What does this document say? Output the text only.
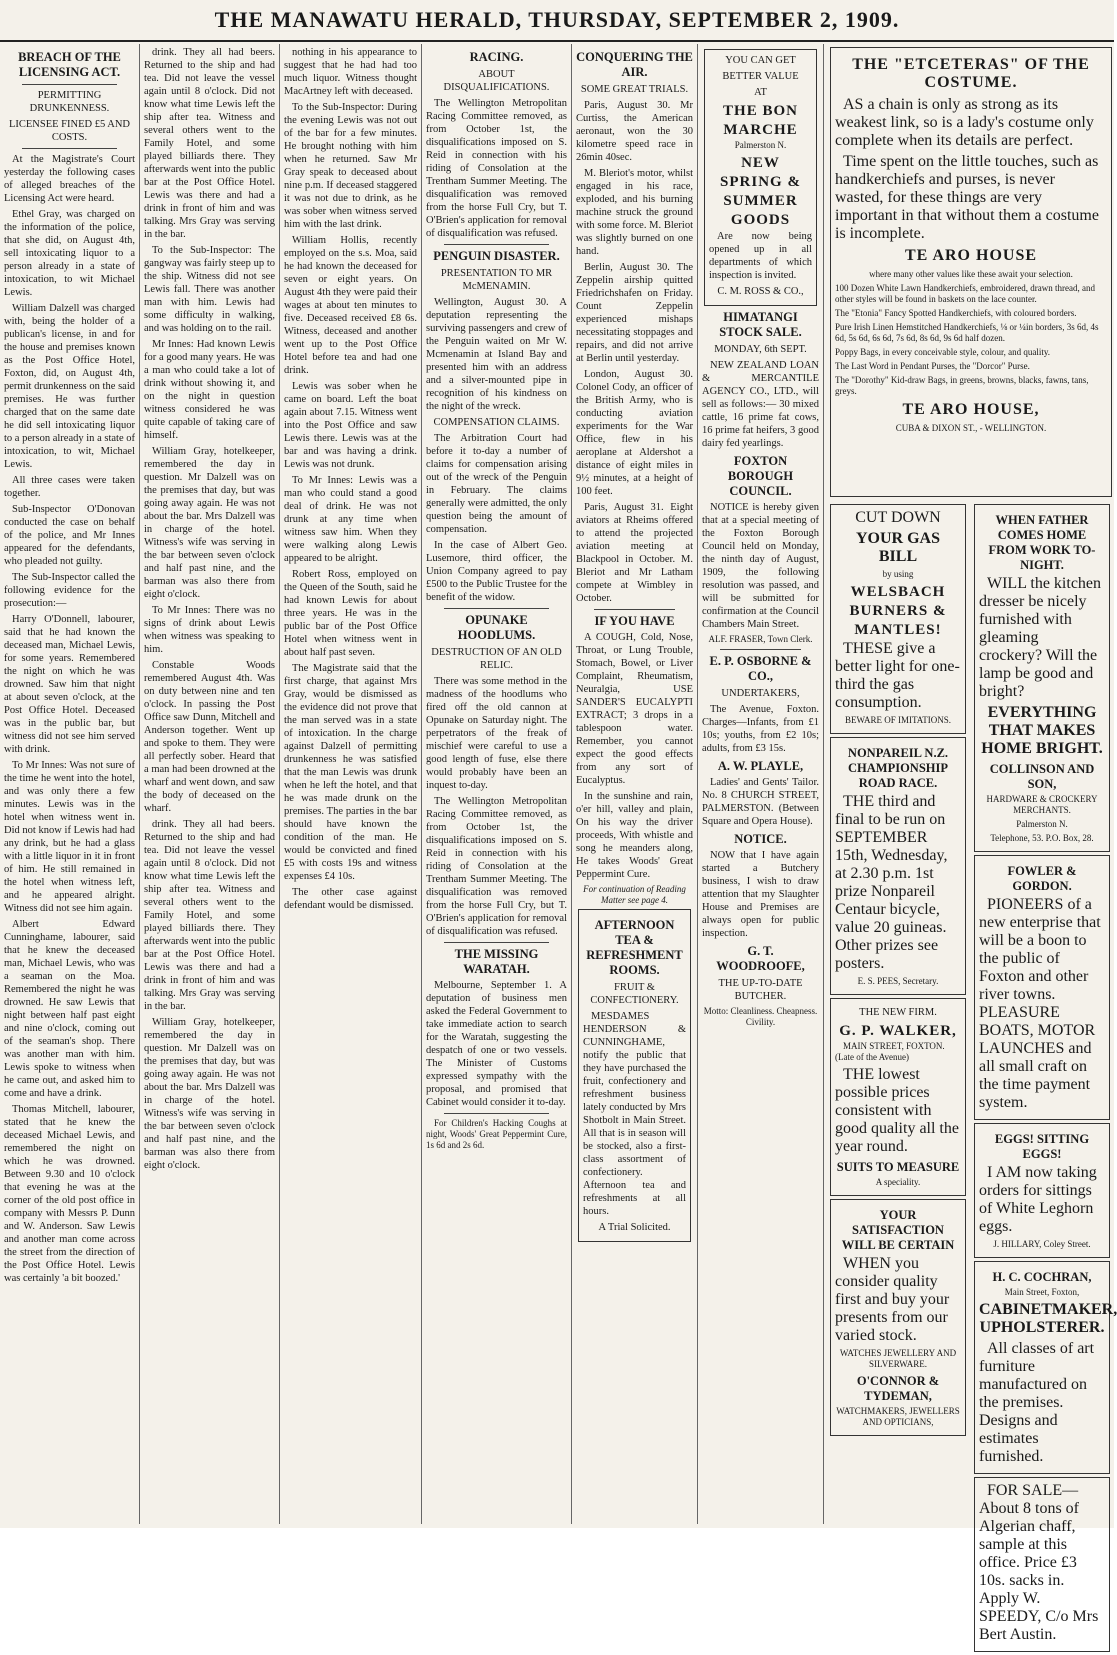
THE MANAWATU HERALD, THURSDAY, SEPTEMBER 2, 1909.
BREACH OF THE LICENSING ACT.
PERMITTING DRUNKENNESS.
LICENSEE FINED £5 AND COSTS.

At the Magistrate's Court yesterday the following cases of alleged breaches of the Licensing Act were heard.

Ethel Gray, was charged on the information of the police, that she did, on August 4th, sell intoxicating liquor to a person already in a state of intoxication, to wit Michael Lewis.

William Dalzell was charged with, being the holder of a publican's license, in and for the house and premises known as the Post Office Hotel, Foxton, did, on August 4th, permit drunkenness on the said premises. He was further charged that on the same date he did sell intoxicating liquor to a person already in a state of intoxication, to wit, Michael Lewis.

All three cases were taken together.

Sub-Inspector O'Donovan conducted the case on behalf of the police, and Mr Innes appeared for the defendants, who pleaded not guilty.

The Sub-Inspector called the following evidence for the prosecution:—

Harry O'Donnell, labourer, said that he had known the deceased man, Michael Lewis, for some years. Remembered the night on which he was drowned. Saw him that night at about seven o'clock, at the Post Office Hotel. Deceased was in the public bar, but witness did not see him served with drink.

To Mr Innes: Was not sure of the time he went into the hotel, and was only there a few minutes. Lewis was in the hotel when witness went in. Did not know if Lewis had had any drink, but he had a glass with a little liquor in it in front of him. He still remained in the hotel when witness left, and he appeared alright. Witness did not see him again.

Albert Edward Cunninghame, labourer, said that he knew the deceased man, Michael Lewis, who was a seaman on the Moa. Remembered the night he was drowned. He saw Lewis that night between half past eight and nine o'clock, coming out of the seaman's shop. There was another man with him. Lewis spoke to witness when he came out, and asked him to come and have a drink.

Thomas Mitchell, labourer, stated that he knew the deceased Michael Lewis, and remembered the night on which he was drowned. Between 9.30 and 10 o'clock that evening he was at the corner of the old post office in company with Messrs P. Dunn and W. Anderson. Saw Lewis and another man come across the street from the direction of the Post Office Hotel. Lewis was certainly 'a bit boozed.'

drink. They all had beers. Returned to the ship and had tea. Did not leave the vessel again until 8 o'clock. Did not know what time Lewis left the ship after tea. Witness and several others went to the Family Hotel, and some played billiards there. They afterwards went into the public bar at the Post Office Hotel. Lewis was there and had a drink in front of him and was talking. Mrs Gray was serving in the bar.

To the Sub-Inspector: The gangway was fairly steep up to the ship. Witness did not see Lewis fall. There was another man with him. Lewis had some difficulty in walking, and was holding on to the rail.

Mr Innes: Had known Lewis for a good many years. He was a man who could take a lot of drink without showing it, and on the night in question witness considered he was quite capable of taking care of himself.

William Gray, hotelkeeper, remembered the day in question. Mr Dalzell was on the premises that day, but was going away again. He was not about the bar. Mrs Dalzell was in charge of the hotel. Witness's wife was serving in the bar between seven o'clock and half past nine, and the barman was also there from eight o'clock.

To Mr Innes: There was no signs of drink about Lewis when witness was speaking to him.

Constable Woods remembered August 4th. Was on duty between nine and ten o'clock. In passing the Post Office saw Dunn, Mitchell and Anderson together. Went up and spoke to them. They were all perfectly sober. Heard that a man had been drowned at the wharf and went down, and saw the body of deceased on the wharf.

drink. They all had beers. Returned to the ship and had tea. Did not leave the vessel again until 8 o'clock. Did not know what time Lewis left the ship after tea. Witness and several others went to the Family Hotel, and some played billiards there. They afterwards went into the public bar at the Post Office Hotel. Lewis was there and had a drink in front of him and was talking. Mrs Gray was serving in the bar.

William Gray, hotelkeeper, remembered the day in question. Mr Dalzell was on the premises that day, but was going away again. He was not about the bar. Mrs Dalzell was in charge of the hotel. Witness's wife was serving in the bar between seven o'clock and half past nine, and the barman was also there from eight o'clock.

nothing in his appearance to suggest that he had had too much liquor. Witness thought MacArtney left with deceased.

To the Sub-Inspector: During the evening Lewis was not out of the bar for a few minutes. He brought nothing with him when he returned. Saw Mr Gray speak to deceased about nine p.m. If deceased staggered it was not due to drink, as he was sober when witness served him with the last drink.

William Hollis, recently employed on the s.s. Moa, said he had known the deceased for seven or eight years. On August 4th they were paid their wages at about ten minutes to five. Deceased received £8 6s. Witness, deceased and another went up to the Post Office Hotel before tea and had one drink.

Lewis was sober when he came on board. Left the boat again about 7.15. Witness went into the Post Office and saw Lewis there. Lewis was at the bar and was having a drink. Lewis was not drunk.

To Mr Innes: Lewis was a man who could stand a good deal of drink. He was not drunk at any time when witness saw him. When they were walking along Lewis appeared to be alright.

Robert Ross, employed on the Queen of the South, said he had known Lewis for about three years. He was in the public bar of the Post Office Hotel when witness went in about half past seven.

The Magistrate said that the first charge, that against Mrs Gray, would be dismissed as the evidence did not prove that the man served was in a state of intoxication. In the charge against Dalzell of permitting drunkenness he was satisfied that the man Lewis was drunk when he left the hotel, and that he was made drunk on the premises. The parties in the bar should have known the condition of the man. He would be convicted and fined £5 with costs 19s and witness expenses £4 10s.

The other case against defendant would be dismissed.

RACING.
ABOUT DISQUALIFICATIONS.

The Wellington Metropolitan Racing Committee removed, as from October 1st, the disqualifications imposed on S. Reid in connection with his riding of Consolation at the Trentham Summer Meeting. The disqualification was removed from the horse Full Cry, but T. O'Brien's application for removal of disqualification was refused.

PENGUIN DISASTER.
PRESENTATION TO MR McMENAMIN.

Wellington, August 30. A deputation representing the surviving passengers and crew of the Penguin waited on Mr W. Mcmenamin at Island Bay and presented him with an address and a silver-mounted pipe in recognition of his kindness on the night of the wreck.

COMPENSATION CLAIMS.

The Arbitration Court had before it to-day a number of claims for compensation arising out of the wreck of the Penguin in February. The claims generally were admitted, the only question being the amount of compensation.

In the case of Albert Geo. Lusemore, third officer, the Union Company agreed to pay £500 to the Public Trustee for the benefit of the widow.

OPUNAKE HOODLUMS.
DESTRUCTION OF AN OLD RELIC.

There was some method in the madness of the hoodlums who fired off the old cannon at Opunake on Saturday night. The perpetrators of the freak of mischief were careful to use a good length of fuse, else there would probably have been an inquest to-day.

The Wellington Metropolitan Racing Committee removed, as from October 1st, the disqualifications imposed on S. Reid in connection with his riding of Consolation at the Trentham Summer Meeting. The disqualification was removed from the horse Full Cry, but T. O'Brien's application for removal of disqualification was refused.

THE MISSING WARATAH.

Melbourne, September 1. A deputation of business men asked the Federal Government to take immediate action to search for the Waratah, suggesting the despatch of one or two vessels. The Minister of Customs expressed sympathy with the proposal, and promised that Cabinet would consider it to-day.

For Children's Hacking Coughs at night, Woods' Great Peppermint Cure, 1s 6d and 2s 6d.

CONQUERING THE AIR.
SOME GREAT TRIALS.

Paris, August 30. Mr Curtiss, the American aeronaut, won the 30 kilometre speed race in 26min 40sec.

M. Bleriot's motor, whilst engaged in his race, exploded, and his burning machine struck the ground with some force. M. Bleriot was slightly burned on one hand.

Berlin, August 30. The Zeppelin airship quitted Friedrichshafen on Friday. Count Zeppelin experienced mishaps necessitating stoppages and repairs, and did not arrive at Berlin until yesterday.

London, August 30. Colonel Cody, an officer of the British Army, who is conducting aviation experiments for the War Office, flew in his aeroplane at Aldershot a distance of eight miles in 9½ minutes, at a height of 100 feet.

Paris, August 31. Eight aviators at Rheims offered to attend the projected aviation meeting at Blackpool in October. M. Bleriot and Mr Latham compete at Wimbley in October.

IF YOU HAVE

A COUGH, Cold, Nose, Throat, or Lung Trouble, Stomach, Bowel, or Liver Complaint, Rheumatism, Neuralgia, USE SANDER'S EUCALYPTI EXTRACT; 3 drops in a tablespoon water. Remember, you cannot expect the good effects from any sort of Eucalyptus.

In the sunshine and rain, o'er hill, valley and plain, On his way the driver proceeds, With whistle and song he meanders along, He takes Woods' Great Peppermint Cure.

For continuation of Reading Matter see page 4.

AFTERNOON TEA & REFRESHMENT ROOMS.
FRUIT & CONFECTIONERY.

MESDAMES HENDERSON & CUNNINGHAME, notify the public that they have purchased the fruit, confectionery and refreshment business lately conducted by Mrs Shotbolt in Main Street. All that is in season will be stocked, also a first-class assortment of confectionery. Afternoon tea and refreshments at all hours.

A Trial Solicited.

YOU CAN GET

BETTER VALUE

AT

THE BON MARCHE

Palmerston N.

NEW SPRING & SUMMER GOODS

Are now being opened up in all departments of which inspection is invited.

C. M. ROSS & CO.,

HIMATANGI STOCK SALE.
MONDAY, 6th SEPT.

NEW ZEALAND LOAN & MERCANTILE AGENCY CO., LTD., will sell as follows:— 30 mixed cattle, 16 prime fat cows, 16 prime fat heifers, 3 good dairy fed yearlings.

FOXTON BOROUGH COUNCIL.

NOTICE is hereby given that at a special meeting of the Foxton Borough Council held on Monday, the ninth day of August, 1909, the following resolution was passed, and will be submitted for confirmation at the Council Chambers Main Street.

ALF. FRASER, Town Clerk.

E. P. OSBORNE & CO.,
UNDERTAKERS,

The Avenue, Foxton. Charges—Infants, from £1 10s; youths, from £2 10s; adults, from £3 15s.

A. W. PLAYLE,

Ladies' and Gents' Tailor. No. 8 CHURCH STREET, PALMERSTON. (Between Square and Opera House).

NOTICE.

NOW that I have again started a Butchery business, I wish to draw attention that my Slaughter House and Premises are always open for public inspection.

G. T. WOODROOFE,
THE UP-TO-DATE BUTCHER.

Motto: Cleanliness. Cheapness. Civility.

THE "ETCETERAS" OF THE COSTUME.

AS a chain is only as strong as its weakest link, so is a lady's costume only complete when its details are perfect.

Time spent on the little touches, such as handkerchiefs and purses, is never wasted, for these things are very important in that without them a costume is incomplete.

TE ARO HOUSE

where many other values like these await your selection.

100 Dozen White Lawn Handkerchiefs, embroidered, drawn thread, and other styles will be found in baskets on the lace counter.
The "Etonia" Fancy Spotted Handkerchiefs, with coloured borders.
Pure Irish Linen Hemstitched Handkerchiefs, ⅛ or ¼in borders, 3s 6d, 4s 6d, 5s 6d, 6s 6d, 7s 6d, 8s 6d, 9s 6d half dozen.
Poppy Bags, in every conceivable style, colour, and quality.
The Last Word in Pendant Purses, the "Dorcor" Purse.
The "Dorothy" Kid-draw Bags, in greens, browns, blacks, fawns, tans, greys.
TE ARO HOUSE,

CUBA & DIXON ST., - WELLINGTON.

CUT DOWN

YOUR GAS BILL

by using

WELSBACH BURNERS & MANTLES!

THESE give a better light for one-third the gas consumption.

BEWARE OF IMITATIONS.

NONPAREIL N.Z. CHAMPIONSHIP ROAD RACE.

THE third and final to be run on SEPTEMBER 15th, Wednesday, at 2.30 p.m. 1st prize Nonpareil Centaur bicycle, value 20 guineas. Other prizes see posters.

E. S. PEES, Secretary.

THE NEW FIRM.
G. P. WALKER,

MAIN STREET, FOXTON. (Late of the Avenue)

THE lowest possible prices consistent with good quality all the year round.

SUITS TO MEASURE

A speciality.

YOUR SATISFACTION WILL BE CERTAIN

WHEN you consider quality first and buy your presents from our varied stock.

WATCHES JEWELLERY AND SILVERWARE.

O'CONNOR & TYDEMAN,

WATCHMAKERS, JEWELLERS AND OPTICIANS,

WHEN FATHER COMES HOME FROM WORK TO-NIGHT.

WILL the kitchen dresser be nicely furnished with gleaming crockery? Will the lamp be good and bright?

EVERYTHING THAT MAKES HOME BRIGHT.

COLLINSON AND SON,

HARDWARE & CROCKERY MERCHANTS.

Palmerston N.

Telephone, 53. P.O. Box, 28.

FOWLER & GORDON.

PIONEERS of a new enterprise that will be a boon to the public of Foxton and other river towns. PLEASURE BOATS, MOTOR LAUNCHES and all small craft on the time payment system.

EGGS! SITTING EGGS!

I AM now taking orders for sittings of White Leghorn eggs.

J. HILLARY, Coley Street.

H. C. COCHRAN,

Main Street, Foxton,

CABINETMAKER, UPHOLSTERER.

All classes of art furniture manufactured on the premises. Designs and estimates furnished.

FOR SALE—About 8 tons of Algerian chaff, sample at this office. Price £3 10s. sacks in. Apply W. SPEEDY, C/o Mrs Bert Austin.
